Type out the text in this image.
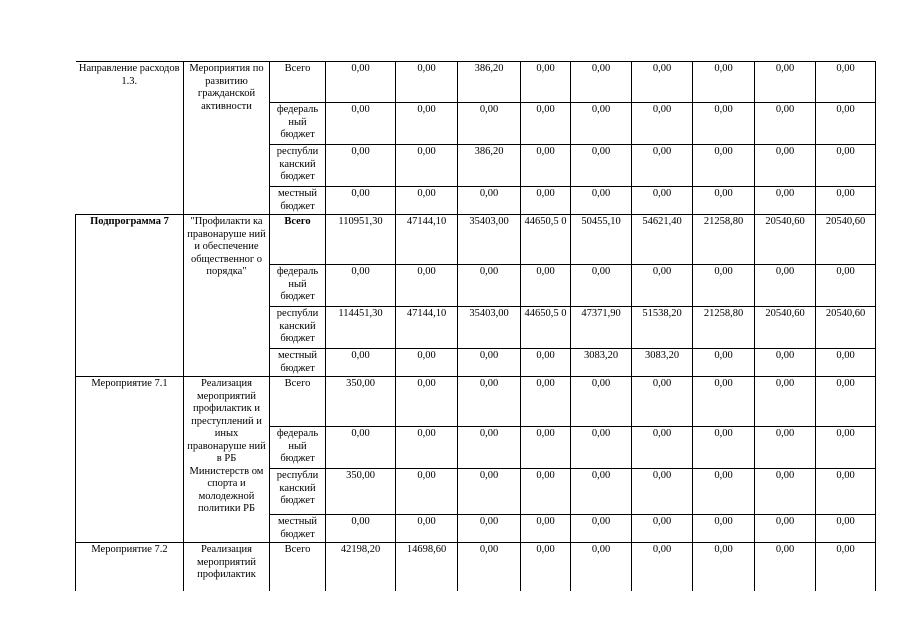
Направление расходов 1.3.	Мероприятия по развитию гражданской активности	Всего	0,00	0,00	386,20	0,00	0,00	0,00	0,00	0,00	0,00
		федераль ный бюджет	0,00	0,00	0,00	0,00	0,00	0,00	0,00	0,00	0,00
		республи канский бюджет	0,00	0,00	386,20	0,00	0,00	0,00	0,00	0,00	0,00
		местный бюджет	0,00	0,00	0,00	0,00	0,00	0,00	0,00	0,00	0,00
Подпрограмма 7	"Профилакти ка правонаруше ний и обеспечение общественног о порядка"	Всего	110951,30	47144,10	35403,00	44650,5 0	50455,10	54621,40	21258,80	20540,60	20540,60
		федераль ный бюджет	0,00	0,00	0,00	0,00	0,00	0,00	0,00	0,00	0,00
		республи канский бюджет	114451,30	47144,10	35403,00	44650,5 0	47371,90	51538,20	21258,80	20540,60	20540,60
		местный бюджет	0,00	0,00	0,00	0,00	3083,20	3083,20	0,00	0,00	0,00
Мероприятие 7.1	Реализация мероприятий профилактик и преступлений и иных правонаруше ний в РБ Министерств ом спорта и молодежной политики РБ	Всего	350,00	0,00	0,00	0,00	0,00	0,00	0,00	0,00	0,00
		федераль ный бюджет	0,00	0,00	0,00	0,00	0,00	0,00	0,00	0,00	0,00
		республи канский бюджет	350,00	0,00	0,00	0,00	0,00	0,00	0,00	0,00	0,00
		местный бюджет	0,00	0,00	0,00	0,00	0,00	0,00	0,00	0,00	0,00
Мероприятие 7.2	Реализация мероприятий профилактик	Всего	42198,20	14698,60	0,00	0,00	0,00	0,00	0,00	0,00	0,00
